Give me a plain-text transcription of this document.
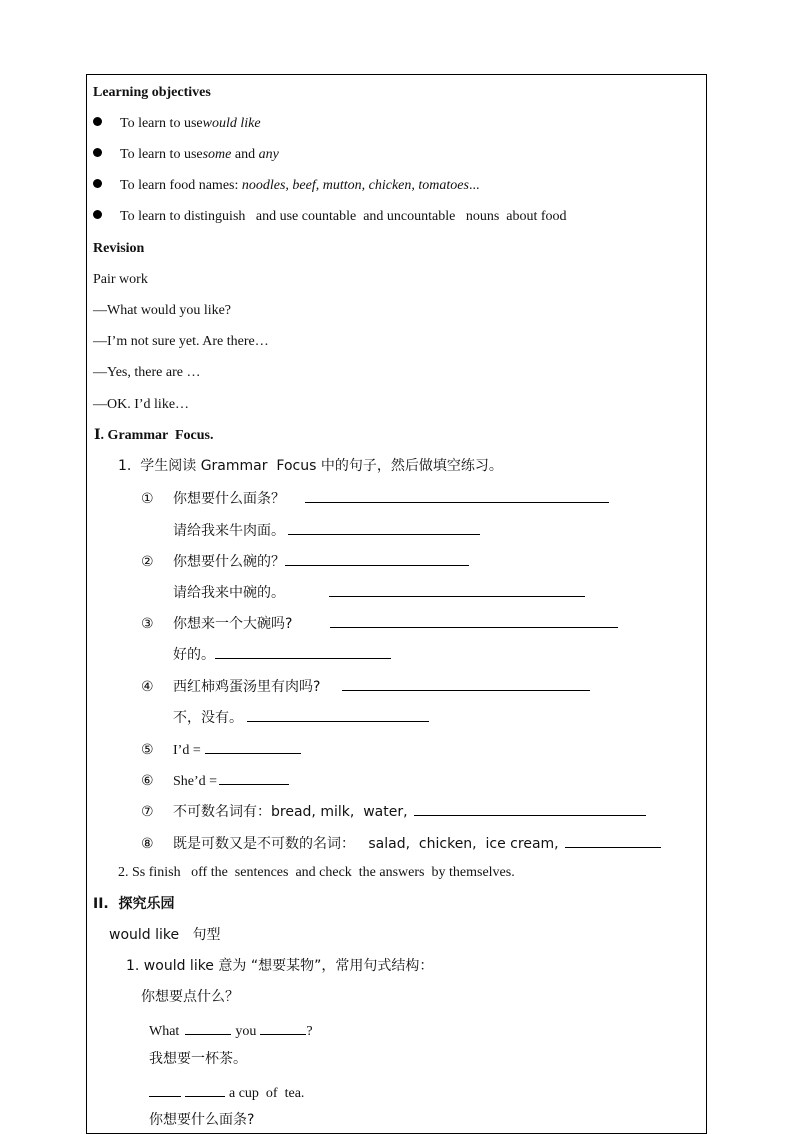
Learning objectives
To learn to use would like
To learn to use some and any
To learn food names: noodles, beef, mutton, chicken, tomatoes ...
To learn to distinguish   and use countable  and uncountable   nouns  about food
Revision
Pair work
—What would you like?
—I’m not sure yet. Are there…
—Yes, there are …
—OK. I’d like…
Ⅰ. Grammar  Focus.
1.  学生阅读 Grammar  Focus 中的句子，然后做填空练习。
①	你想要什么面条？
请给我来牛肉面。
②	你想要什么碗的？
请给我来中碗的。
③	你想来一个大碗吗?
好的。
④	西红柿鸡蛋汤里有肉吗?
不，没有。
⑤	I’d =
⑥	She’d =
⑦	不可数名词有：bread, milk,  water,
⑧	既是可数又是不可数的名词：   salad,  chicken,  ice cream,
2. Ss finish   off the  sentences  and check  the answers  by themselves.
II.  探究乐园
would like   句型
1. would like 意为 “想要某物”，常用句式结构：
你想要点什么？
What	you	?
我想要一杯茶。
a cup  of  tea.
你想要什么面条?
